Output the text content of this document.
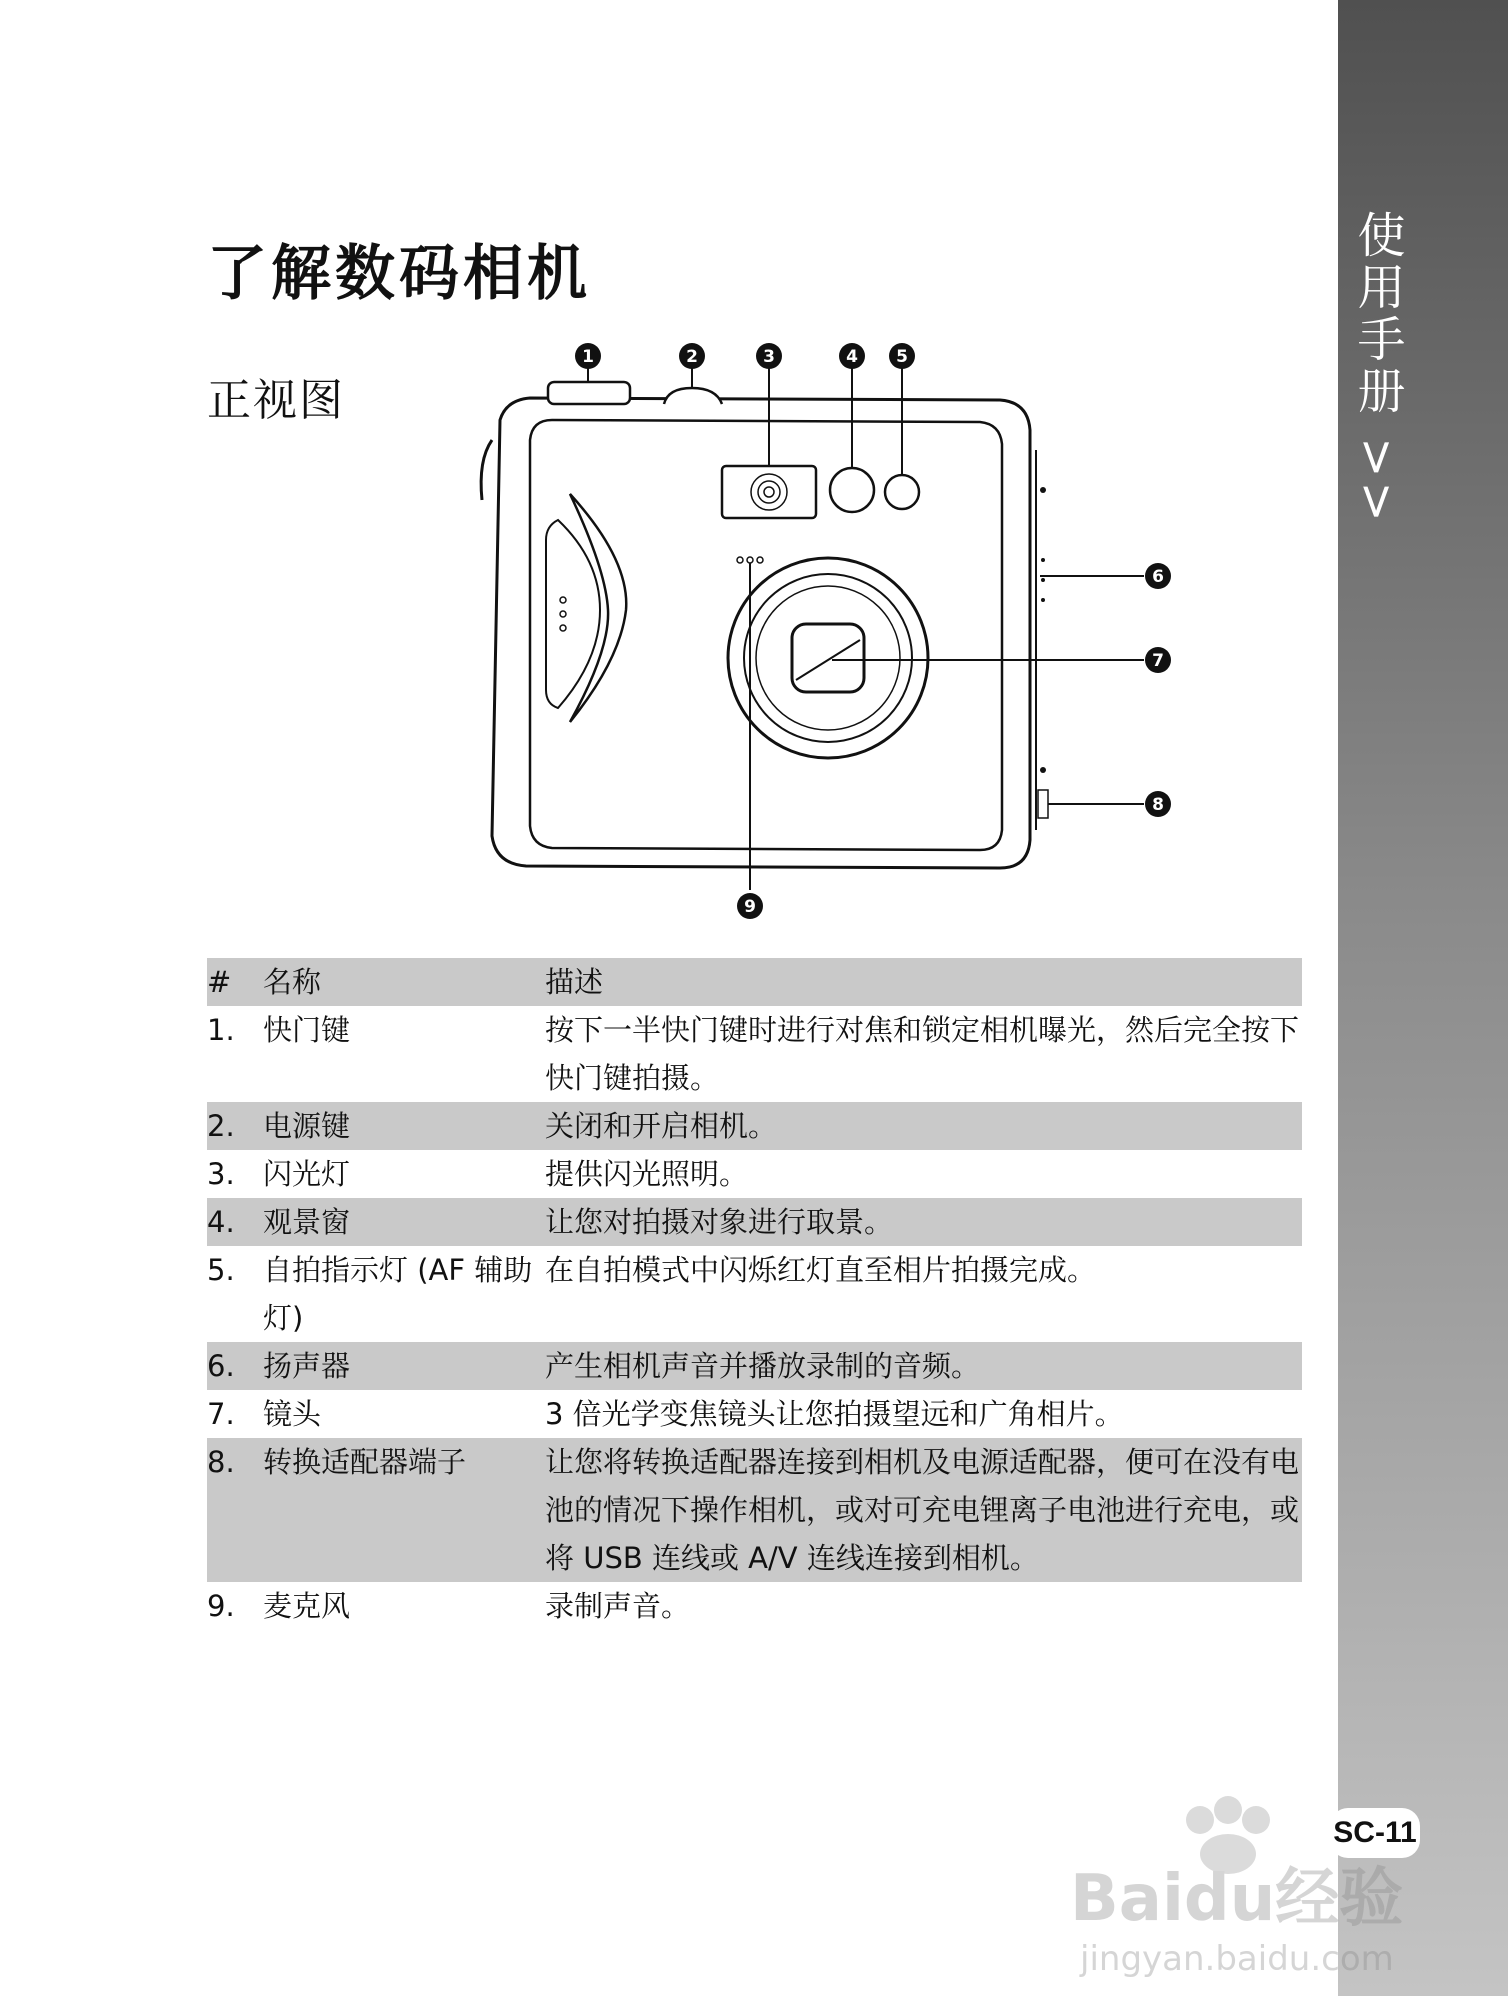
使用手册 >>
了解数码相机
正视图
1	2	3	4 5
6
7
8
9
#	名称	描述
1.	快门键	按下一半快门键时进行对焦和锁定相机曝光，然后完全按下快门键拍摄。
2.	电源键	关闭和开启相机。
3.	闪光灯	提供闪光照明。
4.	观景窗	让您对拍摄对象进行取景。
5.	自拍指示灯 (AF 辅助灯)	在自拍模式中闪烁红灯直至相片拍摄完成。
6.	扬声器	产生相机声音并播放录制的音频。
7.	镜头	3 倍光学变焦镜头让您拍摄望远和广角相片。
8.	转换适配器端子	让您将转换适配器连接到相机及电源适配器，便可在没有电池的情况下操作相机，或对可充电锂离子电池进行充电，或将 USB 连线或 A/V 连线连接到相机。
9.	麦克风	录制声音。
Baidu经验
jingyan.baidu.com
SC-11
